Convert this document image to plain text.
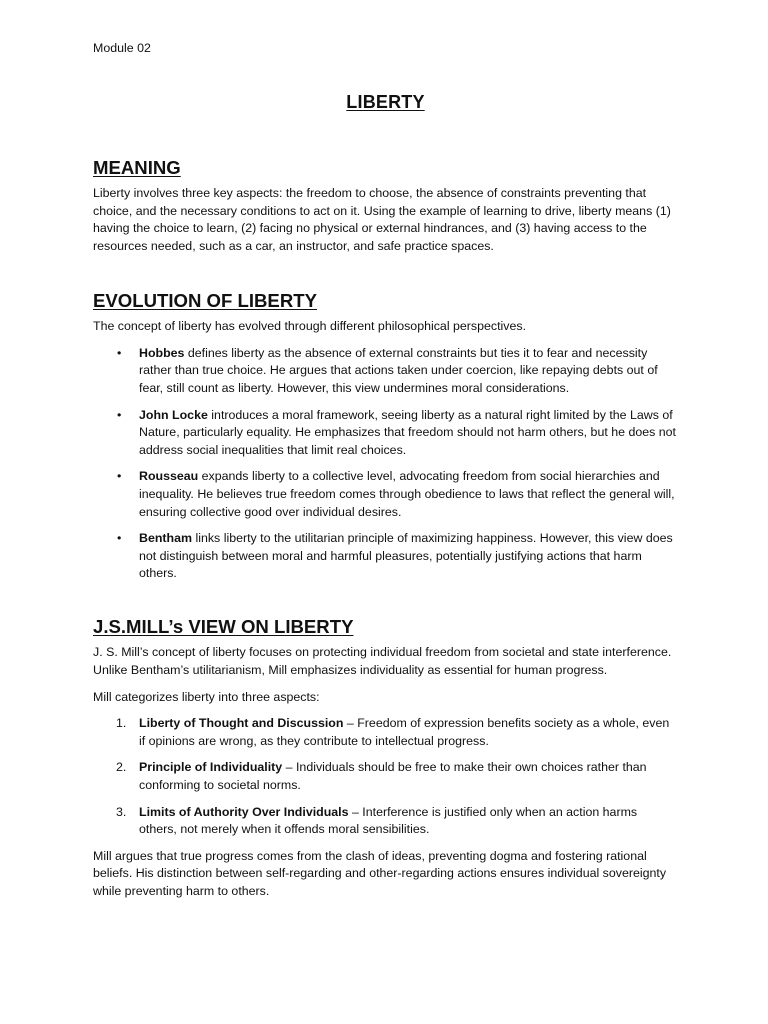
Module 02

LIBERTY
MEANING

Liberty involves three key aspects: the freedom to choose, the absence of constraints preventing that choice, and the necessary conditions to act on it. Using the example of learning to drive, liberty means (1) having the choice to learn, (2) facing no physical or external hindrances, and (3) having access to the resources needed, such as a car, an instructor, and safe practice spaces.

EVOLUTION OF LIBERTY

The concept of liberty has evolved through different philosophical perspectives.

• Hobbes defines liberty as the absence of external constraints but ties it to fear and necessity rather than true choice. He argues that actions taken under coercion, like repaying debts out of fear, still count as liberty. However, this view undermines moral considerations.
• John Locke introduces a moral framework, seeing liberty as a natural right limited by the Laws of Nature, particularly equality. He emphasizes that freedom should not harm others, but he does not address social inequalities that limit real choices.
• Rousseau expands liberty to a collective level, advocating freedom from social hierarchies and inequality. He believes true freedom comes through obedience to laws that reflect the general will, ensuring collective good over individual desires.
• Bentham links liberty to the utilitarian principle of maximizing happiness. However, this view does not distinguish between moral and harmful pleasures, potentially justifying actions that harm others.
J.S.MILL’s VIEW ON LIBERTY

J. S. Mill’s concept of liberty focuses on protecting individual freedom from societal and state interference. Unlike Bentham’s utilitarianism, Mill emphasizes individuality as essential for human progress.

Mill categorizes liberty into three aspects:

1. Liberty of Thought and Discussion – Freedom of expression benefits society as a whole, even if opinions are wrong, as they contribute to intellectual progress.
2. Principle of Individuality – Individuals should be free to make their own choices rather than conforming to societal norms.
3. Limits of Authority Over Individuals – Interference is justified only when an action harms others, not merely when it offends moral sensibilities.

Mill argues that true progress comes from the clash of ideas, preventing dogma and fostering rational beliefs. His distinction between self-regarding and other-regarding actions ensures individual sovereignty while preventing harm to others.
